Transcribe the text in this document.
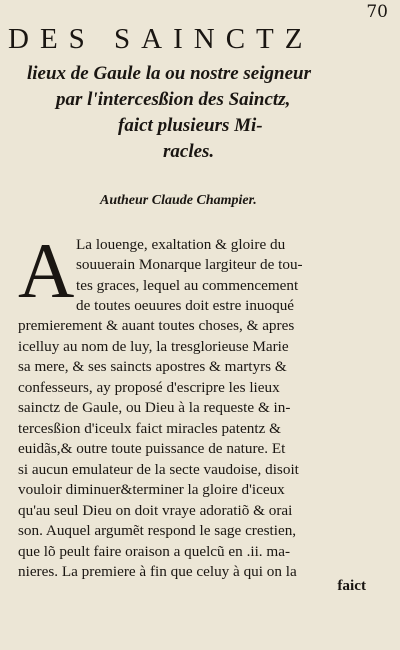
70
DES SAINCTZ
lieux de Gaule la ou nostre seigneur
par l'intercesßion des Sainctz,
faict plusieurs Mi-
racles.
Autheur Claude Champier.
A La louenge, exaltation & gloire du
souuerain Monarque largiteur de tou-
tes graces, lequel au commencement
de toutes oeuures doit estre inuoqué
premierement & auant toutes choses, & apres
icelluy au nom de luy, la tresglorieuse Marie
sa mere, & ses saincts apostres & martyrs &
confesseurs, ay proposé d'escripre les lieux
sainctz de Gaule, ou Dieu à la requeste & in-
tercesßion d'iceulx faict miracles patentz &
euidãs,& outre toute puissance de nature. Et
si aucun emulateur de la secte vaudoise, disoit
vouloir diminuer&terminer la gloire d'iceux
qu'au seul Dieu on doit vraye adoratiõ & orai
son. Auquel argumẽt respond le sage crestien,
que lõ peult faire oraison a quelcũ en .ii. ma-
nieres. La premiere à fin que celuy à qui on la
faict
